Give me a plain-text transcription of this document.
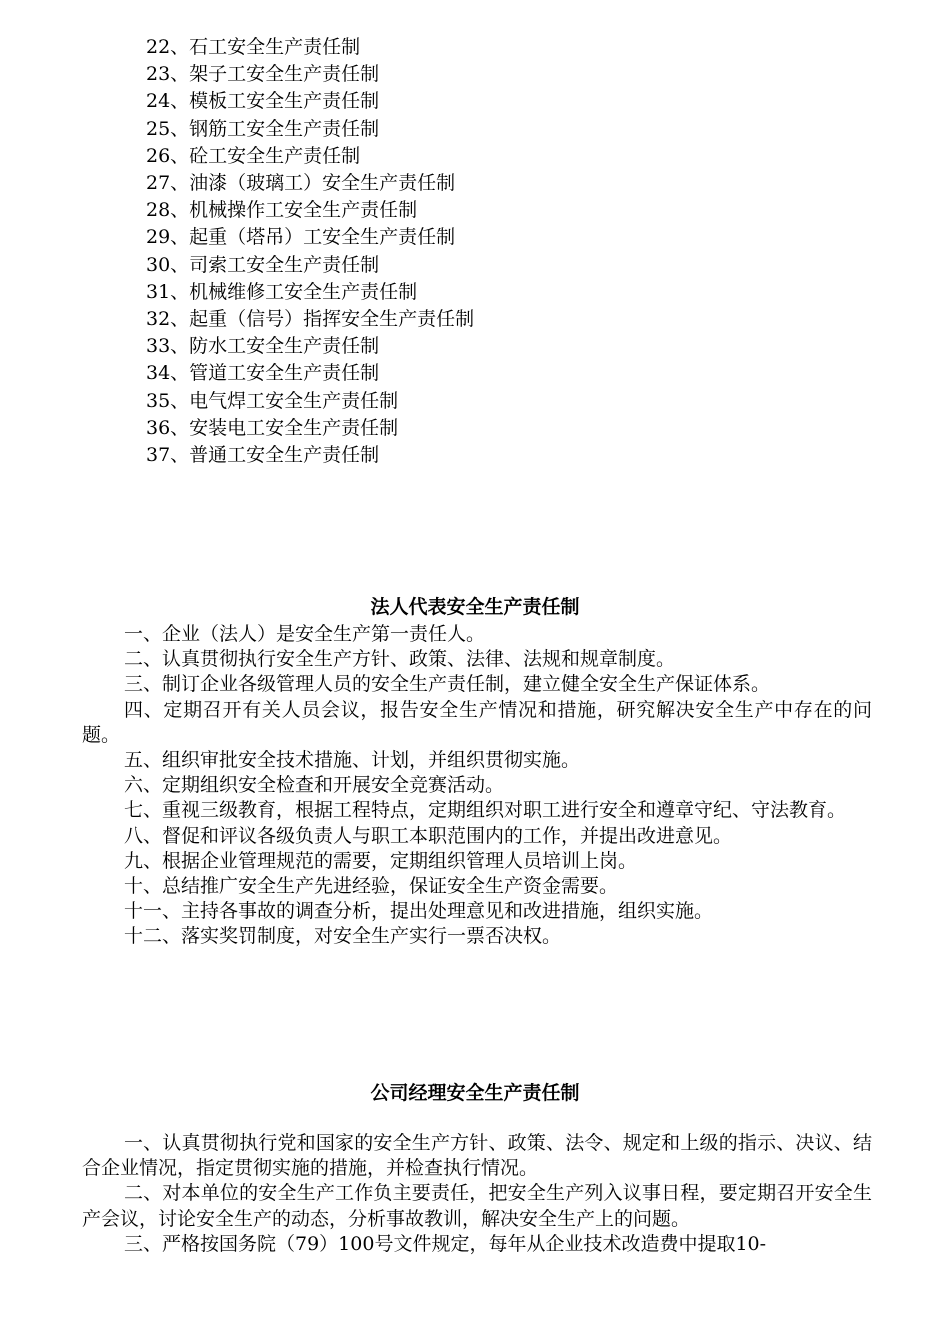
22、石工安全生产责任制
23、架子工安全生产责任制
24、模板工安全生产责任制
25、钢筋工安全生产责任制
26、砼工安全生产责任制
27、油漆（玻璃工）安全生产责任制
28、机械操作工安全生产责任制
29、起重（塔吊）工安全生产责任制
30、司索工安全生产责任制
31、机械维修工安全生产责任制
32、起重（信号）指挥安全生产责任制
33、防水工安全生产责任制
34、管道工安全生产责任制
35、电气焊工安全生产责任制
36、安装电工安全生产责任制
37、普通工安全生产责任制
法人代表安全生产责任制

一、企业（法人）是安全生产第一责任人。

二、认真贯彻执行安全生产方针、政策、法律、法规和规章制度。

三、制订企业各级管理人员的安全生产责任制，建立健全安全生产保证体系。

四、定期召开有关人员会议，报告安全生产情况和措施，研究解决安全生产中存在的问题。

五、组织审批安全技术措施、计划，并组织贯彻实施。

六、定期组织安全检查和开展安全竞赛活动。

七、重视三级教育，根据工程特点，定期组织对职工进行安全和遵章守纪、守法教育。

八、督促和评议各级负责人与职工本职范围内的工作，并提出改进意见。

九、根据企业管理规范的需要，定期组织管理人员培训上岗。

十、总结推广安全生产先进经验，保证安全生产资金需要。

十一、主持各事故的调查分析，提出处理意见和改进措施，组织实施。

十二、落实奖罚制度，对安全生产实行一票否决权。

公司经理安全生产责任制

一、认真贯彻执行党和国家的安全生产方针、政策、法令、规定和上级的指示、决议、结合企业情况，指定贯彻实施的措施，并检查执行情况。

二、对本单位的安全生产工作负主要责任，把安全生产列入议事日程，要定期召开安全生产会议，讨论安全生产的动态，分析事故教训，解决安全生产上的问题。

三、严格按国务院（79）100号文件规定，每年从企业技术改造费中提取10-
